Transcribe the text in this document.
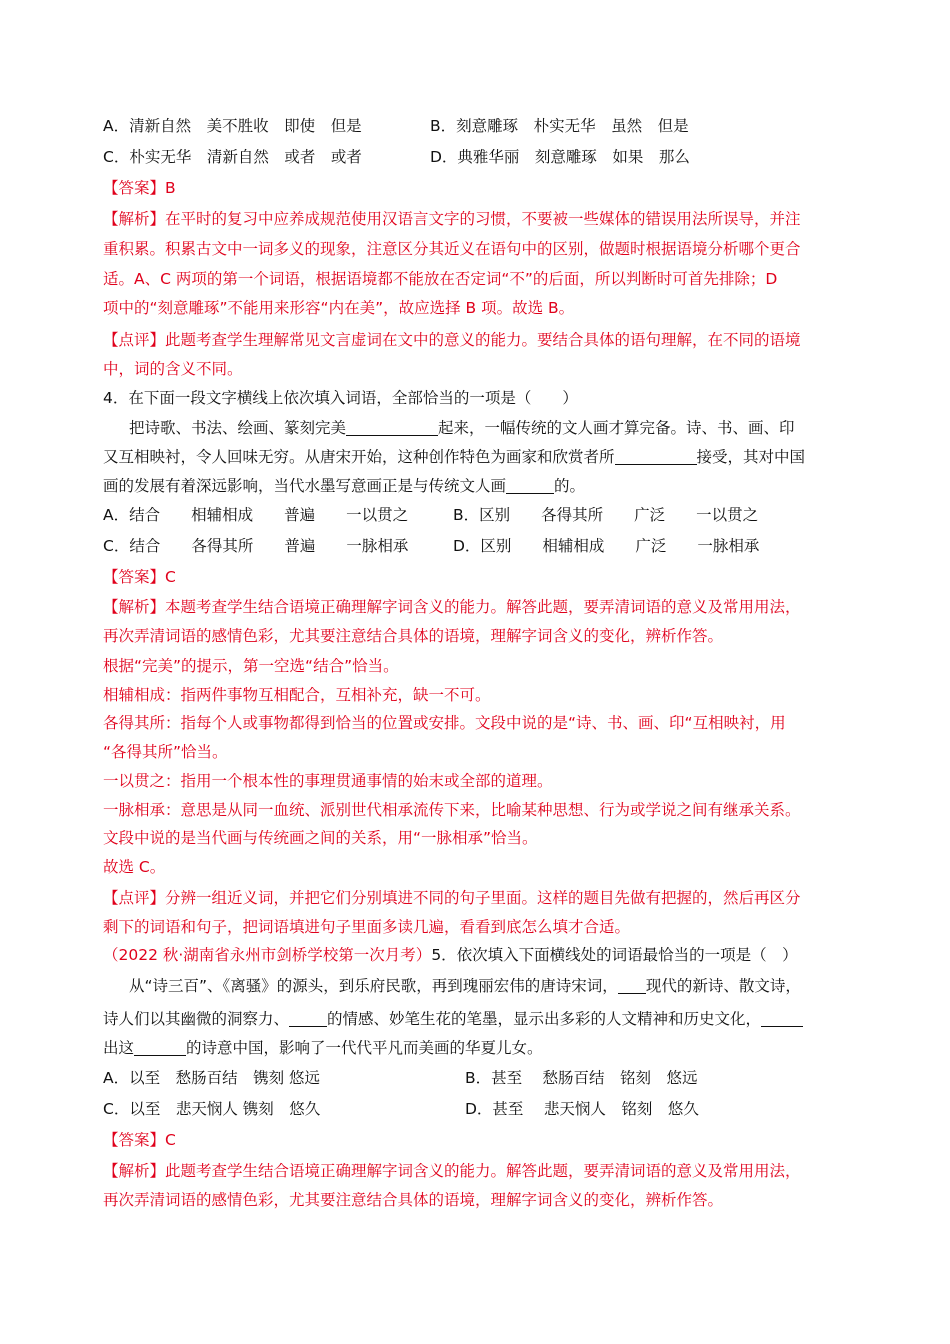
A．清新自然　美不胜收　即使　但是	B．刻意雕琢　朴实无华　虽然　但是
C．朴实无华　清新自然　或者　或者	D．典雅华丽　刻意雕琢　如果　那么
【答案】B
【解析】在平时的复习中应养成规范使用汉语言文字的习惯，不要被一些媒体的错误用法所误导，并注
重积累。积累古文中一词多义的现象，注意区分其近义在语句中的区别，做题时根据语境分析哪个更合
适。A、C 两项的第一个词语，根据语境都不能放在否定词“不”的后面，所以判断时可首先排除；D
项中的“刻意雕琢”不能用来形容“内在美”，故应选择 B 项。故选 B。
【点评】此题考查学生理解常见文言虚词在文中的意义的能力。要结合具体的语句理解，在不同的语境
中，词的含义不同。
4．在下面一段文字横线上依次填入词语，全部恰当的一项是（　　）
把诗歌、书法、绘画、篆刻完美	起来，一幅传统的文人画才算完备。诗、书、画、印
又互相映衬，令人回味无穷。从唐宋开始，这种创作特色为画家和欣赏者所	接受，其对中国
画的发展有着深远影响，当代水墨写意画正是与传统文人画	的。
A．结合　　相辅相成　　普遍　　一以贯之	B．区别　　各得其所　　广泛　　一以贯之
C．结合　　各得其所　　普遍　　一脉相承	D．区别　　相辅相成　　广泛　　一脉相承
【答案】C
【解析】本题考查学生结合语境正确理解字词含义的能力。解答此题，要弄清词语的意义及常用用法，
再次弄清词语的感情色彩，尤其要注意结合具体的语境，理解字词含义的变化，辨析作答。
根据“完美”的提示，第一空选“结合”恰当。
相辅相成：指两件事物互相配合，互相补充，缺一不可。
各得其所：指每个人或事物都得到恰当的位置或安排。文段中说的是“诗、书、画、印“互相映衬，用
“各得其所”恰当。
一以贯之：指用一个根本性的事理贯通事情的始末或全部的道理。
一脉相承：意思是从同一血统、派别世代相承流传下来，比喻某种思想、行为或学说之间有继承关系。
文段中说的是当代画与传统画之间的关系，用“一脉相承”恰当。
故选 C。
【点评】分辨一组近义词，并把它们分别填进不同的句子里面。这样的题目先做有把握的，然后再区分
剩下的词语和句子，把词语填进句子里面多读几遍，看看到底怎么填才合适。
（2022 秋·湖南省永州市剑桥学校第一次月考）5．依次填入下面横线处的词语最恰当的一项是（　）
从“诗三百”、《离骚》的源头，到乐府民歌，再到瑰丽宏伟的唐诗宋词， 现代的新诗、散文诗，
诗人们以其幽微的洞察力、 的情感、妙笔生花的笔墨，显示出多彩的人文精神和历史文化，
出这	的诗意中国，影响了一代代平凡而美画的华夏儿女。
A．以至　愁肠百结　镌刻 悠远	B．甚至　 愁肠百结　铭刻　悠远
C．以至　悲天悯人 镌刻　悠久	D．甚至　 悲天悯人　铭刻　悠久
【答案】C
【解析】此题考查学生结合语境正确理解字词含义的能力。解答此题，要弄清词语的意义及常用用法，
再次弄清词语的感情色彩，尤其要注意结合具体的语境，理解字词含义的变化，辨析作答。
